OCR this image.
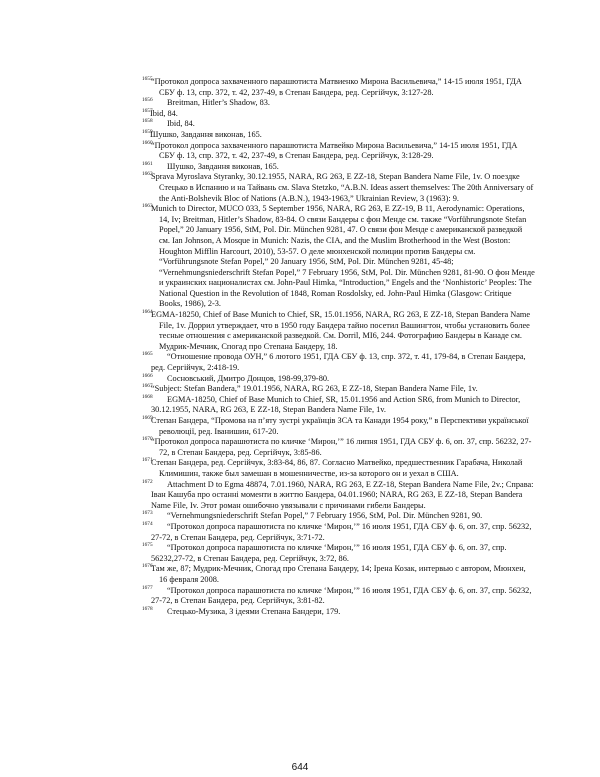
1655
“Протокол допроса захваченного парашютиста Матвиенко Мирона Васильевича,” 14-15 июля 1951, ГДА СБУ ф. 13, спр. 372, т. 42, 237-49, в Степан Бандера, ред. Сергійчук, 3:127-28.

1656	Breitman, Hitler’s Shadow, 83.

1657
Ibid, 84.

1658	Ibid, 84.

1659
Шушко, Завдання виконав, 165.

1660
“Протокол допроса захваченного парашютиста Матвейко Мирона Васильевича,” 14-15 июля 1951, ГДА СБУ ф. 13, спр. 372, т. 42, 237-49, в Степан Бандера, ред. Сергійчук, 3:128-29.

1661	Шушко, Завдання виконав, 165.

1662
Sprava Myroslava Styranky, 30.12.1955, NARA, RG 263, E ZZ-18, Stepan Bandera Name File, 1v. О поездке Стецько в Испанию и на Тайвань см. Slava Stetzko, “A.B.N. Ideas assert themselves: The 20th Anniversary of the Anti-Bolshevik Bloc of Nations (A.B.N.), 1943-1963,” Ukrainian Review, 3 (1963): 9.

1663
Munich to Director, MUCO 033, 5 September 1956, NARA, RG 263, E ZZ-19, B 11, Aerodynamic: Operations, 14, Iv; Breitman, Hitler’s Shadow, 83-84. О связи Бандеры с фон Менде см. также “Vorführungsnote Stefan Popel,” 20 January 1956, StM, Pol. Dir. München 9281, 47. О связи фон Менде с американской разведкой см. Ian Johnson, A Mosque in Munich: Nazis, the CIA, and the Muslim Brotherhood in the West (Boston: Houghton Mifflin Harcourt, 2010), 53-57. О деле мюнхенской полиции против Бандеры см. “Vorführungsnote Stefan Popel,” 20 January 1956, StM, Pol. Dir. München 9281, 45-48; “Vernehmungsniederschrift Stefan Popel,” 7 February 1956, StM, Pol. Dir. München 9281, 81-90. О фон Менде и украинских националистах см. John-Paul Himka, “Introduction,” Engels and the ‘Nonhistoric’ Peoples: The National Question in the Revolution of 1848, Roman Rosdolsky, ed. John-Paul Himka (Glasgow: Critique Books, 1986), 2-3.

1664
EGMA-18250, Chief of Base Munich to Chief, SR, 15.01.1956, NARA, RG 263, E ZZ-18, Stepan Bandera Name File, 1v. Доррил утверждает, что в 1950 году Бандера тайно посетил Вашингтон, чтобы установить более тесные отношения с американской разведкой. См. Dorril, MI6, 244. Фотографию Бандеры в Канаде см. Мудрик-Мечник, Спогад про Степана Бандеру, 18.

1665	“Отношение провода ОУН,” 6 лютого 1951, ГДА СБУ ф. 13, спр. 372, т. 41, 179-84, в Степан Бандера, ред. Сергійчук, 2:418-19.

1666	Сосновський, Дмитро Донцов, 198-99,379-80.

1667
“Subject: Stefan Bandera,” 19.01.1956, NARA, RG 263, E ZZ-18, Stepan Bandera Name File, 1v.

1668	EGMA-18250, Chief of Base Munich to Chief, SR, 15.01.1956 and Action SR6, from Munich to Director, 30.12.1955, NARA, RG 263, E ZZ-18, Stepan Bandera Name File, 1v.

1669
Степан Бандера, “Промова на п’яту зустрі українців ЗСА та Канади 1954 року,” в Перспективи української революції, ред. Іванишин, 617-20.

1670
“Протокол допроса парашютиста по кличке ‘Мирон,’” 16 липня 1951, ГДА СБУ ф. 6, оп. 37, спр. 56232, 27-72, в Степан Бандера, ред. Сергійчук, 3:85-86.

1671
Степан Бандера, ред. Сергійчук, 3:83-84, 86, 87. Согласно Матвейко, предшественник Гарабача, Николай Климишин, также был замешан в мошенничестве, из-за которого он и уехал в США.

1672	Attachment D to Egma 48874, 7.01.1960, NARA, RG 263, E ZZ-18, Stepan Bandera Name File, 2v.; Справа: Іван Кашуба про останні моменти в життю Бандера, 04.01.1960; NARA, RG 263, E ZZ-18, Stepan Bandera Name File, Iv. Этот роман ошибочно увязывали с причинами гибели Бандеры.

1673	“Vernehmungsniederschrift Stefan Popel,” 7 February 1956, StM, Pol. Dir. München 9281, 90.

1674	“Протокол допроса парашютиста по кличке ‘Мирон,’” 16 июля 1951, ГДА СБУ ф. 6, оп. 37, спр. 56232, 27-72, в Степан Бандера, ред. Сергійчук, 3:71-72.

1675	“Протокол допроса парашютиста по кличке ‘Мирон,’” 16 июля 1951, ГДА СБУ ф. 6, оп. 37, спр. 56232,27-72, в Степан Бандера, ред. Сергійчук, 3:72, 86.

1676
Там же, 87; Мудрик-Мечник, Спогад про Степана Бандеру, 14; Ірена Козак, интервью с автором, Мюнхен, 16 февраля 2008.

1677	“Протокол допроса парашютиста по кличке ‘Мирон,’” 16 июля 1951, ГДА СБУ ф. 6, оп. 37, спр. 56232, 27-72, в Степан Бандера, ред. Сергійчук, 3:81-82.

1678	Стецько-Музика, З ідеями Степана Бандери, 179.

644
